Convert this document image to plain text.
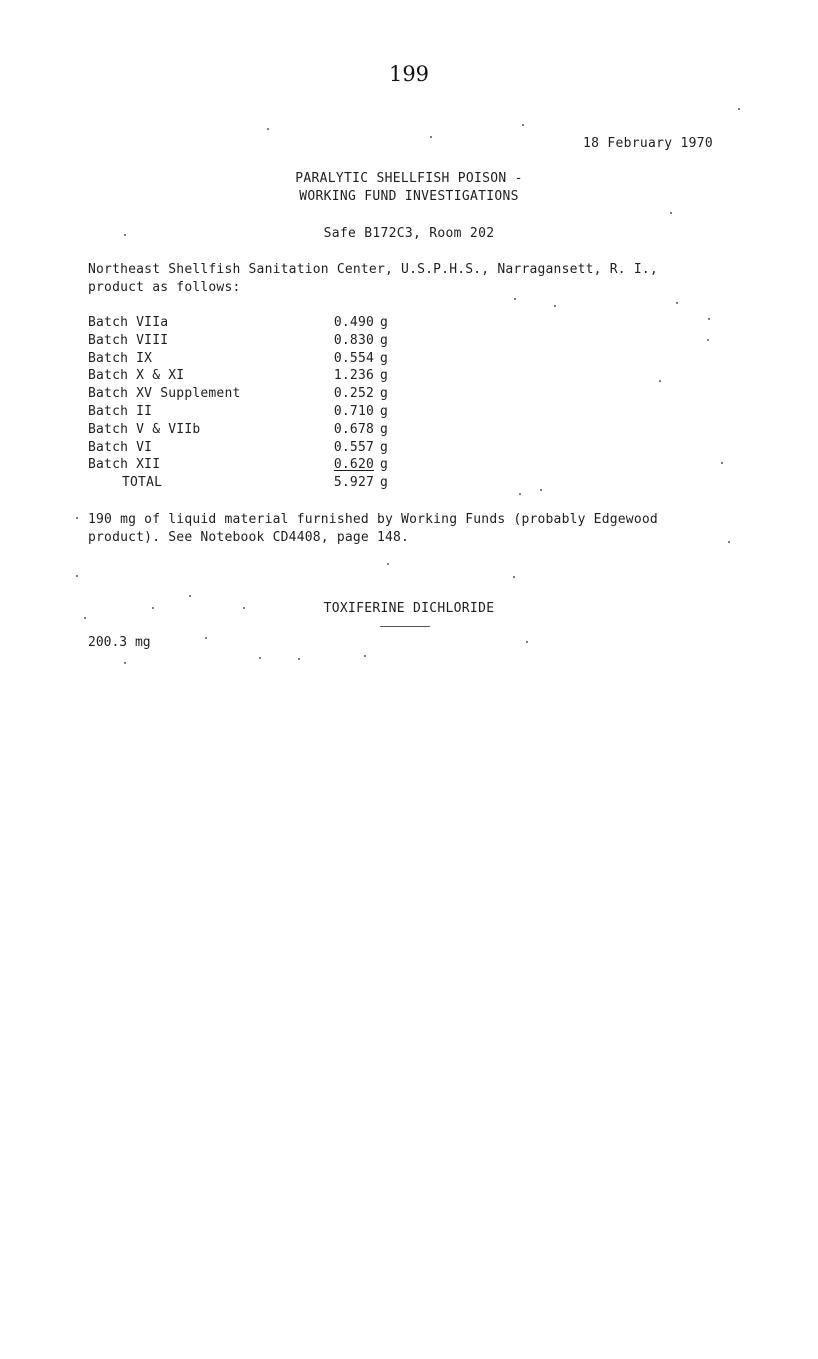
199
18 February 1970
PARALYTIC SHELLFISH POISON -
WORKING FUND INVESTIGATIONS
Safe B172C3, Room 202
Northeast Shellfish Sanitation Center, U.S.P.H.S., Narragansett, R. I.,
product as follows:
Batch VIIa	0.490 g
Batch VIII	0.830 g
Batch IX	0.554 g
Batch X & XI	1.236 g
Batch XV Supplement	0.252 g
Batch II	0.710 g
Batch V & VIIb	0.678 g
Batch VI	0.557 g
Batch XII	0.620 g
TOTAL	5.927 g
190 mg of liquid material furnished by Working Funds (probably Edgewood
product). See Notebook CD4408, page 148.
TOXIFERINE DICHLORIDE
200.3 mg
